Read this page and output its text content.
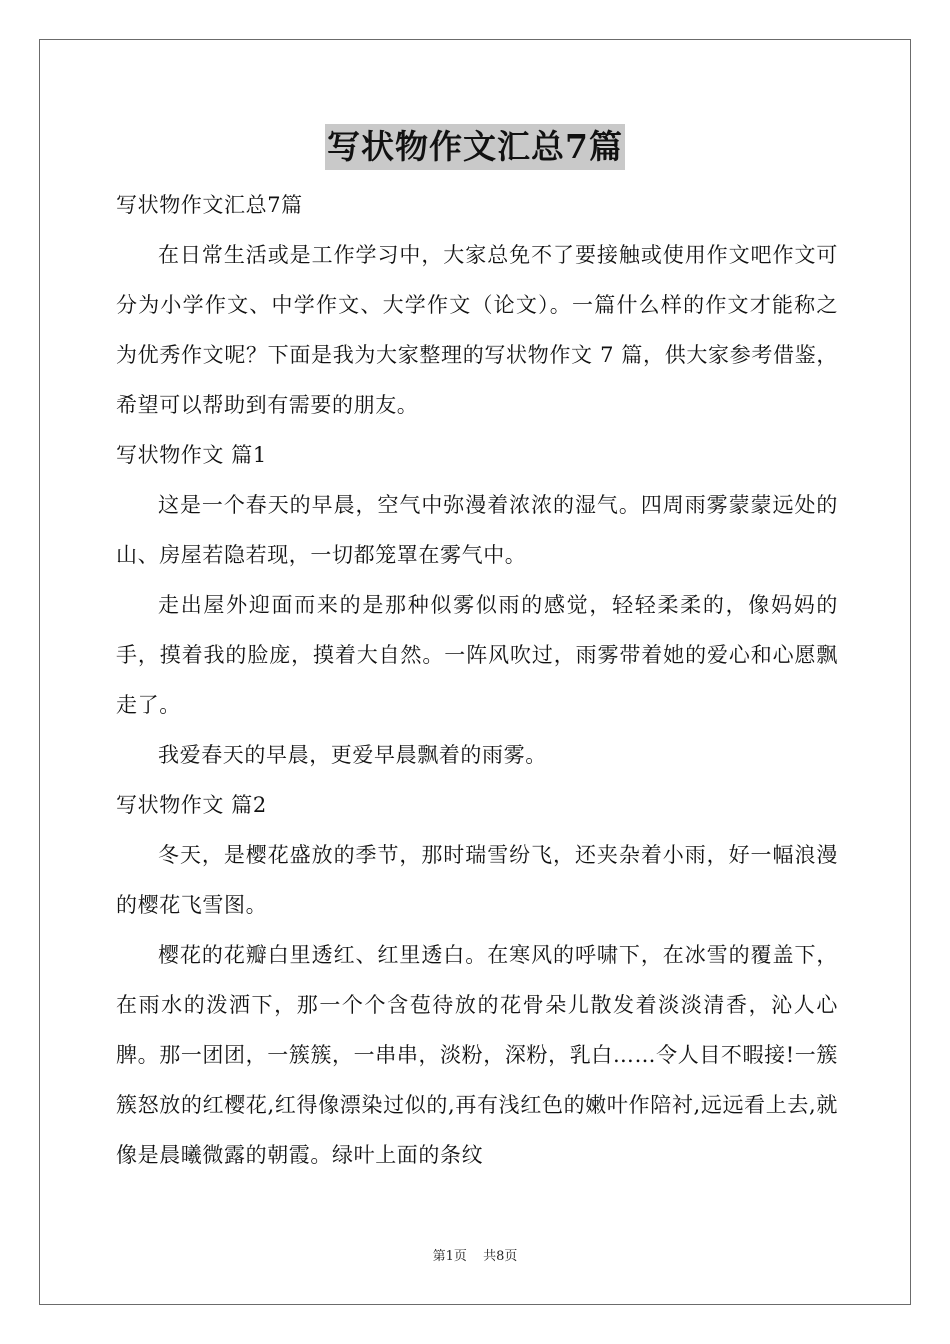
写状物作文汇总7篇

写状物作文汇总7篇

在日常生活或是工作学习中，大家总免不了要接触或使用作文吧作文可分为小学作文、中学作文、大学作文（论文）。一篇什么样的作文才能称之为优秀作文呢？下面是我为大家整理的写状物作文 7 篇，供大家参考借鉴，希望可以帮助到有需要的朋友。

写状物作文 篇1

这是一个春天的早晨，空气中弥漫着浓浓的湿气。四周雨雾蒙蒙远处的山、房屋若隐若现，一切都笼罩在雾气中。

走出屋外迎面而来的是那种似雾似雨的感觉，轻轻柔柔的，像妈妈的手，摸着我的脸庞，摸着大自然。一阵风吹过，雨雾带着她的爱心和心愿飘走了。

我爱春天的早晨，更爱早晨飘着的雨雾。

写状物作文 篇2

冬天，是樱花盛放的季节，那时瑞雪纷飞，还夹杂着小雨，好一幅浪漫的樱花飞雪图。

樱花的花瓣白里透红、红里透白。在寒风的呼啸下，在冰雪的覆盖下，在雨水的泼洒下，那一个个含苞待放的花骨朵儿散发着淡淡清香，沁人心脾。那一团团，一簇簇，一串串，淡粉，深粉，乳白……令人目不暇接!一簇簇怒放的红樱花,红得像漂染过似的,再有浅红色的嫩叶作陪衬,远远看上去,就像是晨曦微露的朝霞。绿叶上面的条纹

第1页 共8页
